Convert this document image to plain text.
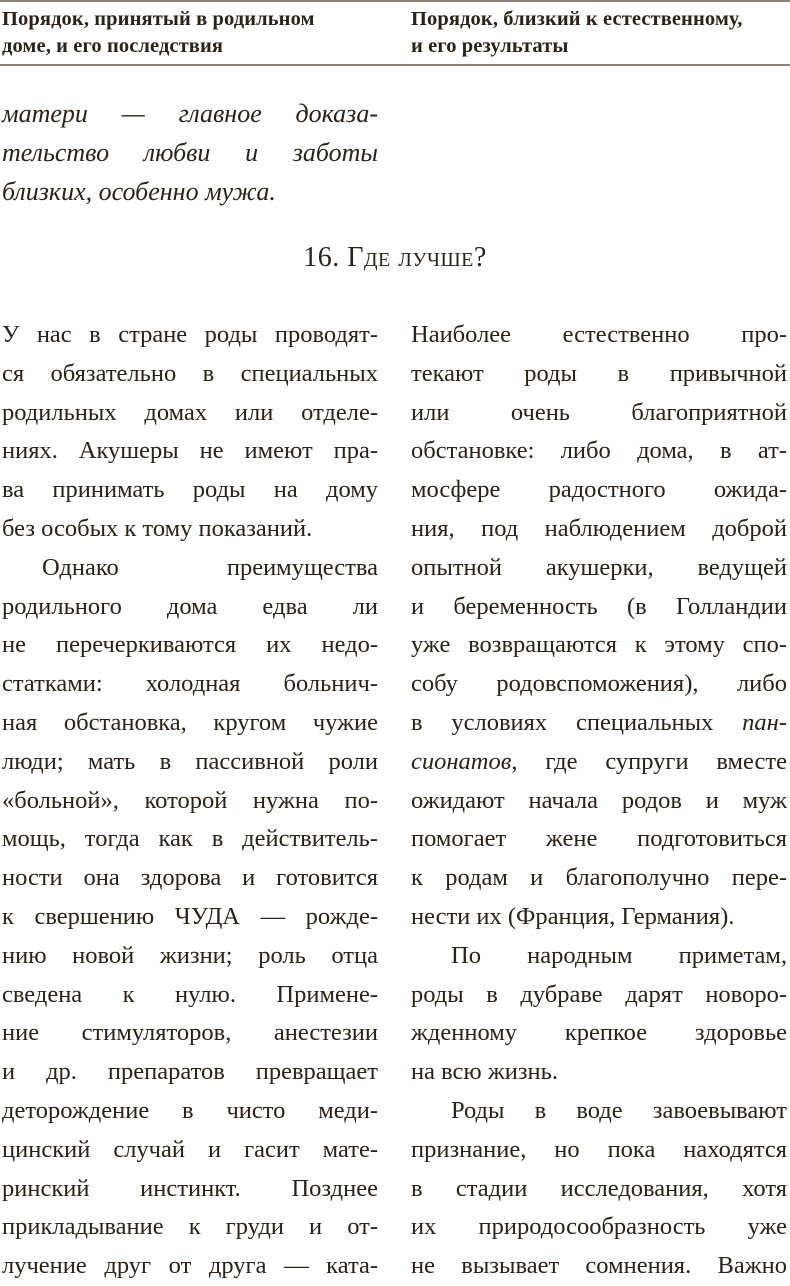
Порядок, принятый в родильном
доме, и его последствия
Порядок, близкий к естественному,
и его результаты
матери — главное доказа-
тельство любви и заботы
близких, особенно мужа.
16. Где лучше?
У нас в стране роды проводят-
ся обязательно в специальных
родильных домах или отделе-
ниях. Акушеры не имеют пра-
ва принимать роды на дому
без особых к тому показаний.
Однако преимущества
родильного дома едва ли
не перечеркиваются их недо-
статками: холодная больнич-
ная обстановка, кругом чужие
люди; мать в пассивной роли
«больной», которой нужна по-
мощь, тогда как в действитель-
ности она здорова и готовится
к свершению ЧУДА — рожде-
нию новой жизни; роль отца
сведена к нулю. Примене-
ние стимуляторов, анестезии
и др. препаратов превращает
деторождение в чисто меди-
цинский случай и гасит мате-
ринский инстинкт. Позднее
прикладывание к груди и от-
лучение друг от друга — ката-
Наиболее естественно про-
текают роды в привычной
или очень благоприятной
обстановке: либо дома, в ат-
мосфере радостного ожида-
ния, под наблюдением доброй
опытной акушерки, ведущей
и беременность (в Голландии
уже возвращаются к этому спо-
собу родовспоможения), либо
в условиях специальных пан-
сионатов, где супруги вместе
ожидают начала родов и муж
помогает жене подготовиться
к родам и благополучно пере-
нести их (Франция, Германия).
По народным приметам,
роды в дубраве дарят новоро-
жденному крепкое здоровье
на всю жизнь.
Роды в воде завоевывают
признание, но пока находятся
в стадии исследования, хотя
их природосообразность уже
не вызывает сомнения. Важно
